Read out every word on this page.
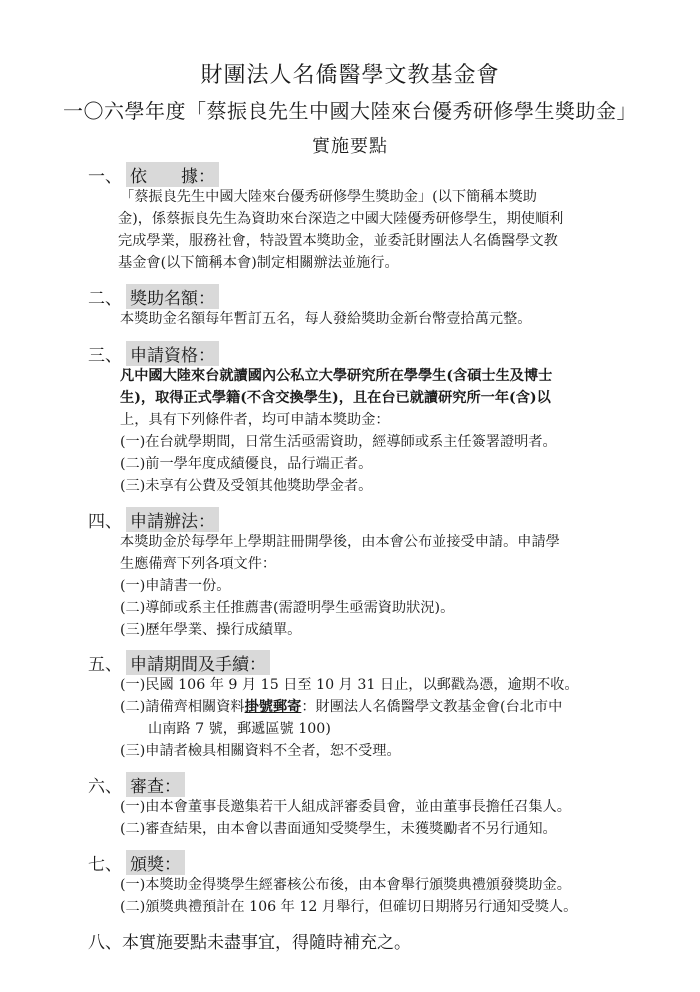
財團法人名僑醫學文教基金會
一〇六學年度「蔡振良先生中國大陸來台優秀研修學生獎助金」
實施要點
一、 依　　據：
「蔡振良先生中國大陸來台優秀研修學生獎助金」(以下簡稱本獎助
金)，係蔡振良先生為資助來台深造之中國大陸優秀研修學生，期使順利
完成學業，服務社會，特設置本獎助金，並委託財團法人名僑醫學文教
基金會(以下簡稱本會)制定相關辦法並施行。
二、 獎助名額：
本獎助金名額每年暫訂五名，每人發給獎助金新台幣壹拾萬元整。
三、 申請資格：
凡中國大陸來台就讀國內公私立大學研究所在學學生(含碩士生及博士
生)，取得正式學籍(不含交換學生)，且在台已就讀研究所一年(含)以
上，具有下列條件者，均可申請本獎助金：
(一)在台就學期間，日常生活亟需資助，經導師或系主任簽署證明者。
(二)前一學年度成績優良，品行端正者。
(三)未享有公費及受領其他獎助學金者。
四、 申請辦法：
本獎助金於每學年上學期註冊開學後，由本會公布並接受申請。申請學
生應備齊下列各項文件：
(一)申請書一份。
(二)導師或系主任推薦書(需證明學生亟需資助狀況)。
(三)歷年學業、操行成績單。
五、 申請期間及手續：
(一)民國 106 年 9 月 15 日至 10 月 31 日止，以郵戳為憑，逾期不收。
(二)請備齊相關資料掛號郵寄：財團法人名僑醫學文教基金會(台北市中
山南路 7 號，郵遞區號 100)
(三)申請者檢具相關資料不全者，恕不受理。
六、 審查：
(一)由本會董事長邀集若干人組成評審委員會，並由董事長擔任召集人。
(二)審查結果，由本會以書面通知受獎學生，未獲獎勵者不另行通知。
七、 頒獎：
(一)本獎助金得獎學生經審核公布後，由本會舉行頒獎典禮頒發獎助金。
(二)頒獎典禮預計在 106 年 12 月舉行，但確切日期將另行通知受獎人。
八、本實施要點未盡事宜，得隨時補充之。
